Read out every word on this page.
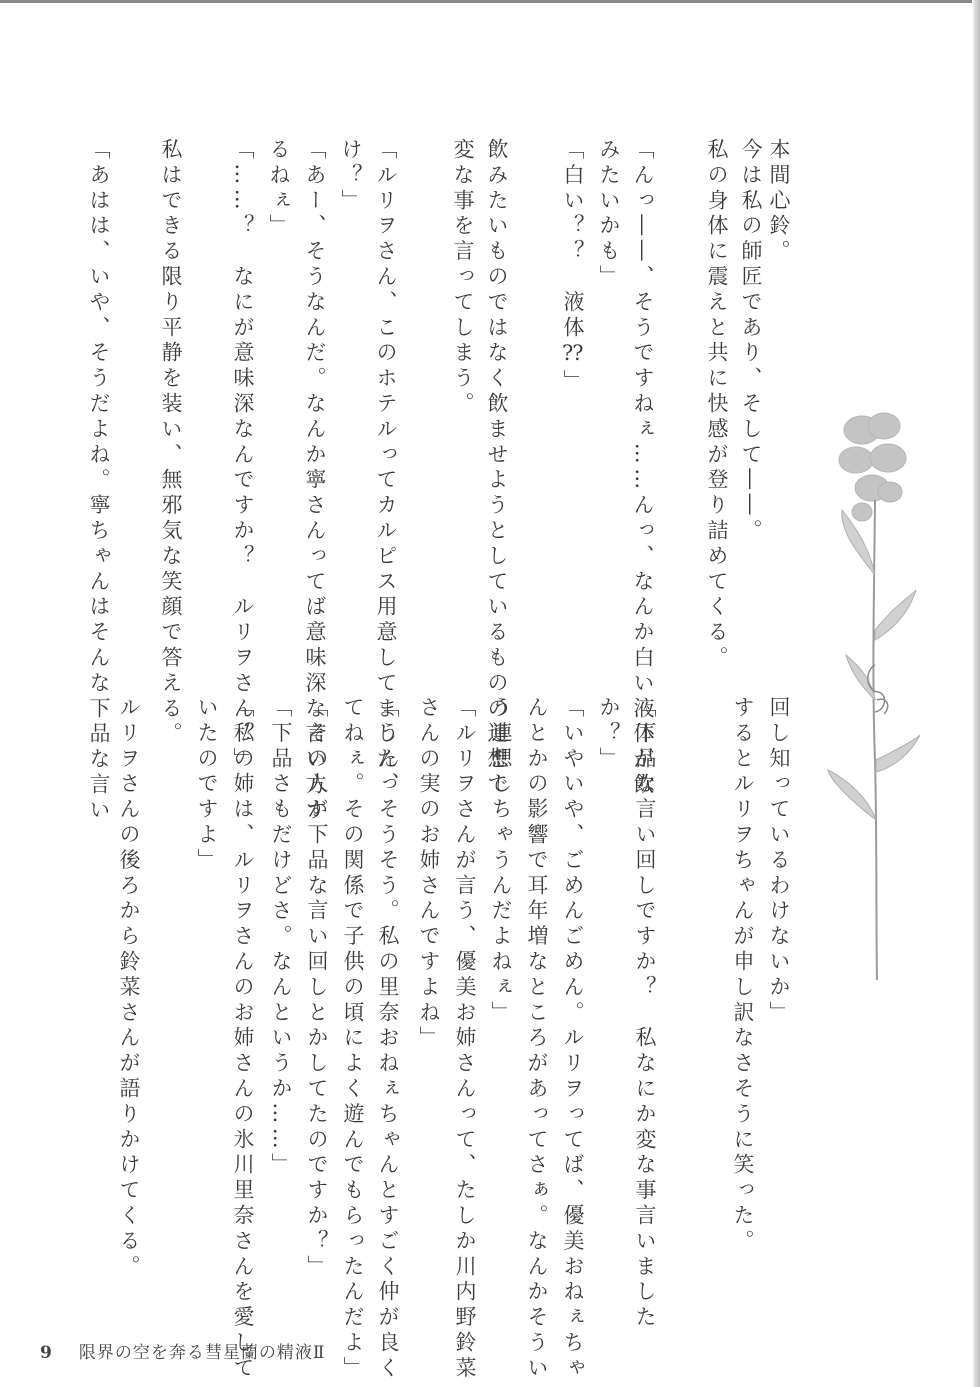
本間心鈴。
今は私の師匠であり、そして――。
私の身体に震えと共に快感が登り詰めてくる。
「んっ――、そうですねぇ……んっ、なんか白い液体が飲
みたいかも」
「白い？？　液体⁇」
飲みたいものではなく飲ませようとしているものの連想で
変な事を言ってしまう。
「ルリヲさん、このホテルってカルピス用意してましたっ
け？」
「あー、そうなんだ。なんか寧さんってば意味深な言い方す
るねぇ」
「……？　なにが意味深なんですか？　ルリヲさん？」
私はできる限り平静を装い、無邪気な笑顔で答える。
「あはは、いや、そうだよね。寧ちゃんはそんな下品な言い
回し知っているわけないか」
するとルリヲちゃんが申し訳なさそうに笑った。
「下品な言い回しですか？　私なにか変な事言いました
か？」
「いやいや、ごめんごめん。ルリヲってば、優美おねぇちゃ
んとかの影響で耳年増なところがあってさぁ。なんかそうい
う連想しちゃうんだよねぇ」
「ルリヲさんが言う、優美お姉さんって、たしか川内野鈴菜
さんの実のお姉さんですよね」
「うん、そうそう。私の里奈おねぇちゃんとすごく仲が良く
てねぇ。その関係で子供の頃によく遊んでもらったんだよ」
「その人が下品な言い回しとかしてたのですか？」
「下品さもだけどさ。なんというか……」
「私の姉は、ルリヲさんのお姉さんの氷川里奈さんを愛して
いたのですよ」
ルリヲさんの後ろから鈴菜さんが語りかけてくる。
9 限界の空を奔る彗星蘭の精液Ⅱ
